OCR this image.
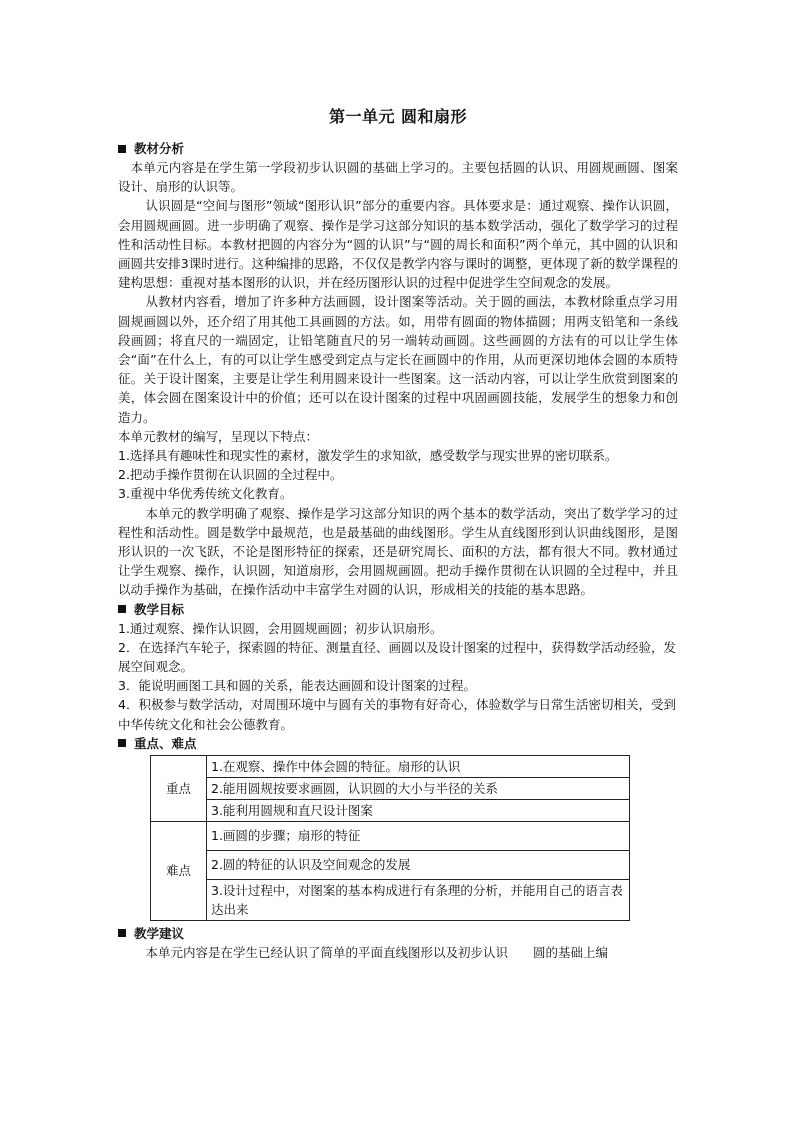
第一单元 圆和扇形
教材分析

本单元内容是在学生第一学段初步认识圆的基础上学习的。主要包括圆的认识、用圆规画圆、图案设计、扇形的认识等。

认识圆是“空间与图形”领域“图形认识”部分的重要内容。具体要求是：通过观察、操作认识圆，会用圆规画圆。进一步明确了观察、操作是学习这部分知识的基本数学活动，强化了数学学习的过程性和活动性目标。本教材把圆的内容分为“圆的认识”与“圆的周长和面积”两个单元，其中圆的认识和画圆共安排3课时进行。这种编排的思路，不仅仅是教学内容与课时的调整，更体现了新的数学课程的建构思想：重视对基本图形的认识，并在经历图形认识的过程中促进学生空间观念的发展。

从教材内容看，增加了许多种方法画圆，设计图案等活动。关于圆的画法，本教材除重点学习用圆规画圆以外，还介绍了用其他工具画圆的方法。如，用带有圆面的物体描圆；用两支铅笔和一条线段画圆；将直尺的一端固定，让铅笔随直尺的另一端转动画圆。这些画圆的方法有的可以让学生体会“面”在什么上，有的可以让学生感受到定点与定长在画圆中的作用，从而更深切地体会圆的本质特征。关于设计图案，主要是让学生利用圆来设计一些图案。这一活动内容，可以让学生欣赏到图案的美，体会圆在图案设计中的价值；还可以在设计图案的过程中巩固画圆技能，发展学生的想象力和创造力。

本单元教材的编写，呈现以下特点：

1.选择具有趣味性和现实性的素材，激发学生的求知欲，感受数学与现实世界的密切联系。
2.把动手操作贯彻在认识圆的全过程中。
3.重视中华优秀传统文化教育。

本单元的教学明确了观察、操作是学习这部分知识的两个基本的数学活动，突出了数学学习的过程性和活动性。圆是数学中最规范，也是最基础的曲线图形。学生从直线图形到认识曲线图形，是图形认识的一次飞跃，不论是图形特征的探索，还是研究周长、面积的方法，都有很大不同。教材通过让学生观察、操作，认识圆，知道扇形，会用圆规画圆。把动手操作贯彻在认识圆的全过程中，并且以动手操作为基础，在操作活动中丰富学生对圆的认识，形成相关的技能的基本思路。

教学目标
1.通过观察、操作认识圆，会用圆规画圆；初步认识扇形。
2．在选择汽车轮子，探索圆的特征、测量直径、画圆以及设计图案的过程中，获得数学活动经验，发展空间观念。
3．能说明画图工具和圆的关系，能表达画圆和设计图案的过程。
4．积极参与数学活动，对周围环境中与圆有关的事物有好奇心，体验数学与日常生活密切相关，受到中华传统文化和社会公德教育。
重点、难点
重点	1.在观察、操作中体会圆的特征。扇形的认识
	2.能用圆规按要求画圆，认识圆的大小与半径的关系
	3.能利用圆规和直尺设计图案
难点	1.画圆的步骤；扇形的特征
	2.圆的特征的认识及空间观念的发展
	3.设计过程中，对图案的基本构成进行有条理的分析，并能用自己的语言表达出来
教学建议

本单元内容是在学生已经认识了简单的平面直线图形以及初步认识　　圆的基础上编
